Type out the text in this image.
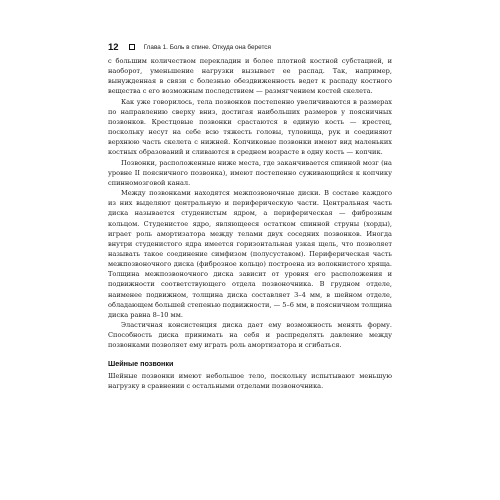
12	Глава 1. Боль в спине. Откуда она берется

с большим количеством перекладин и более плотной костной субстацией, и наоборот, уменьшение нагрузки вызывает ее распад. Так, например, вынужденная в связи с болезнью обездвиженность ведет к распаду костного вещества с его возможным последствием — размягчением костей скелета.

Как уже говорилось, тела позвонков постепенно увеличиваются в размерах по направлению сверху вниз, достигая наибольших размеров у поясничных позвонков. Крестцовые позвонки срастаются в единую кость — крестец, поскольку несут на себе всю тяжесть головы, туловища, рук и соединяют верхнюю часть скелета с нижней. Копчиковые позвонки имеют вид маленьких костных образований и сливаются в среднем возрасте в одну кость — копчик.

Позвонки, расположенные ниже места, где заканчивается спинной мозг (на уровне II поясничного позвонка), имеют постепенно суживающийся к копчику спинномозговой канал.

Между позвонками находятся межпозвоночные диски. В составе каждого из них выделяют центральную и периферическую части. Центральная часть диска называется студенистым ядром, а периферическая — фиброзным кольцом. Студенистое ядро, являющееся остатком спинной струны (хорды), играет роль амортизатора между телами двух соседних позвонков. Иногда внутри студенистого ядра имеется горизонтальная узкая щель, что позволяет называть такое соединение симфизом (полусуставом). Периферическая часть межпозвоночного диска (фиброзное кольцо) построена из волокнистого хряща. Толщина межпозвоночного диска зависит от уровня его расположения и подвижности соответствующего отдела позвоночника. В грудном отделе, наименее подвижном, толщина диска составляет 3–4 мм, в шейном отделе, обладающем большей степенью подвижности, — 5–6 мм, в поясничном толщина диска равна 8–10 мм.

Эластичная консистенция диска дает ему возможность менять форму. Способность диска принимать на себя и распределять давление между позвонками позволяет ему играть роль амортизатора и сгибаться.

Шейные позвонки

Шейные позвонки имеют небольшое тело, поскольку испытывают меньшую нагрузку в сравнении с остальными отделами позвоночника.
